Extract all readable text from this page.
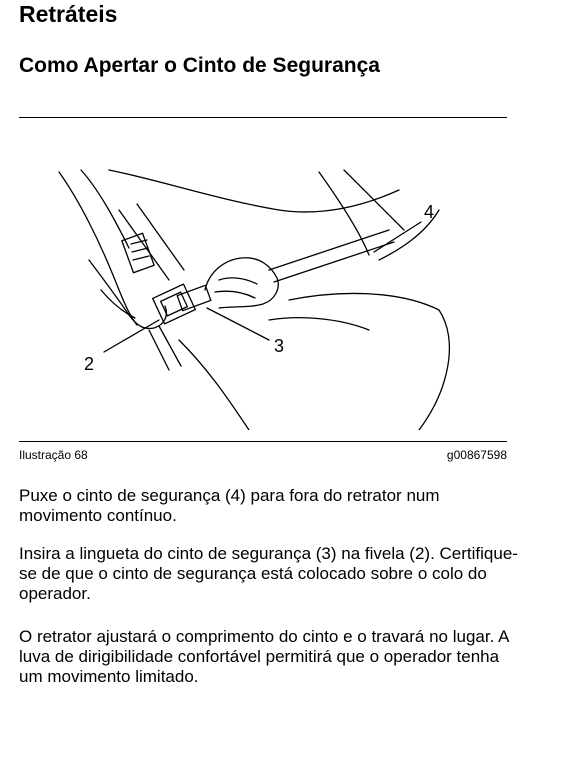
Retráteis
Como Apertar o Cinto de Segurança
4
3
2
Ilustração 68	g00867598

Puxe o cinto de segurança (4) para fora do retrator num movimento contínuo.

Insira a lingueta do cinto de segurança (3) na fivela (2). Certifique-se de que o cinto de segurança está colocado sobre o colo do operador.

O retrator ajustará o comprimento do cinto e o travará no lugar. A luva de dirigibilidade confortável permitirá que o operador tenha um movimento limitado.
